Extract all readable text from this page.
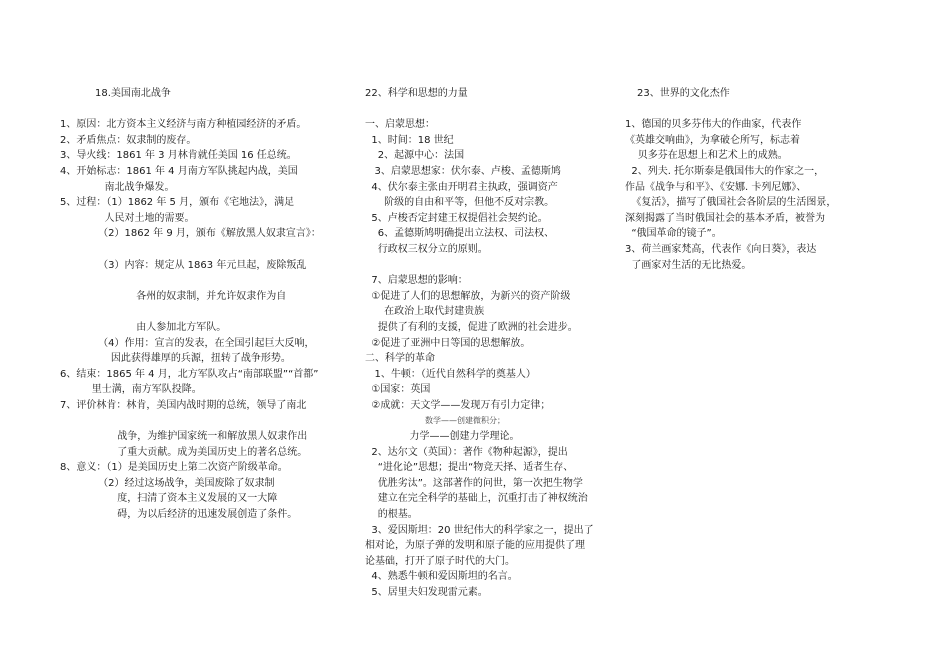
18.美国南北战争
1、原因：北方资本主义经济与南方种植园经济的矛盾。
2、矛盾焦点：奴隶制的废存。
3、导火线：1861 年 3 月林肯就任美国 16 任总统。
4、开始标志：1861 年 4 月南方军队挑起内战，美国
南北战争爆发。
5、过程：（1）1862 年 5 月，颁布《宅地法》，满足
人民对土地的需要。
（2）1862 年 9 月，颁布《解放黑人奴隶宣言》：
（3）内容：规定从 1863 年元旦起，废除叛乱
各州的奴隶制，并允许奴隶作为自
由人参加北方军队。
（4）作用：宣言的发表，在全国引起巨大反响，
因此获得雄厚的兵源，扭转了战争形势。
6、结束：1865 年 4 月，北方军队攻占“南部联盟”“首都”
里士满，南方军队投降。
7、评价林肯：林肯，美国内战时期的总统，领导了南北
战争，为维护国家统一和解放黑人奴隶作出
了重大贡献。成为美国历史上的著名总统。
8、意义：（1）是美国历史上第二次资产阶级革命。
（2）经过这场战争，美国废除了奴隶制
度，扫清了资本主义发展的又一大障
碍，为以后经济的迅速发展创造了条件。
22、科学和思想的力量
一、启蒙思想：
1、时间：18 世纪
2、起源中心：法国
3、启蒙思想家：伏尔泰、卢梭、孟德斯鸠
4、伏尔泰主张由开明君主执政，强调资产
阶级的自由和平等，但他不反对宗教。
5、卢梭否定封建王权提倡社会契约论。
6、孟德斯鸠明确提出立法权、司法权、
行政权三权分立的原则。
7、启蒙思想的影响：
①促进了人们的思想解放，为新兴的资产阶级
在政治上取代封建贵族
提供了有利的支援，促进了欧洲的社会进步。
②促进了亚洲中日等国的思想解放。
二、科学的革命
1、牛顿：（近代自然科学的奠基人）
①国家：英国
②成就：天文学——发现万有引力定律；
数学——创建微积分；
力学——创建力学理论。
2、达尔文（英国）：著作《物种起源》，提出
“进化论”思想；提出“物竞天择、适者生存、
优胜劣汰”。这部著作的问世，第一次把生物学
建立在完全科学的基础上，沉重打击了神权统治
的根基。
3、爱因斯坦：20 世纪伟大的科学家之一，提出了
相对论，为原子弹的发明和原子能的应用提供了理
论基础，打开了原子时代的大门。
4、熟悉牛顿和爱因斯坦的名言。
5、居里夫妇发现雷元素。
23、世界的文化杰作
1、德国的贝多芬伟大的作曲家，代表作
《英雄交响曲》，为拿破仑所写，标志着
贝多芬在思想上和艺术上的成熟。
2、列夫. 托尔斯泰是俄国伟大的作家之一，
作品《战争与和平》、《安娜. 卡列尼娜》、
《复活》，描写了俄国社会各阶层的生活图景，
深刻揭露了当时俄国社会的基本矛盾，被誉为
“俄国革命的镜子”。
3、荷兰画家梵高，代表作《向日葵》，表达
了画家对生活的无比热爱。
